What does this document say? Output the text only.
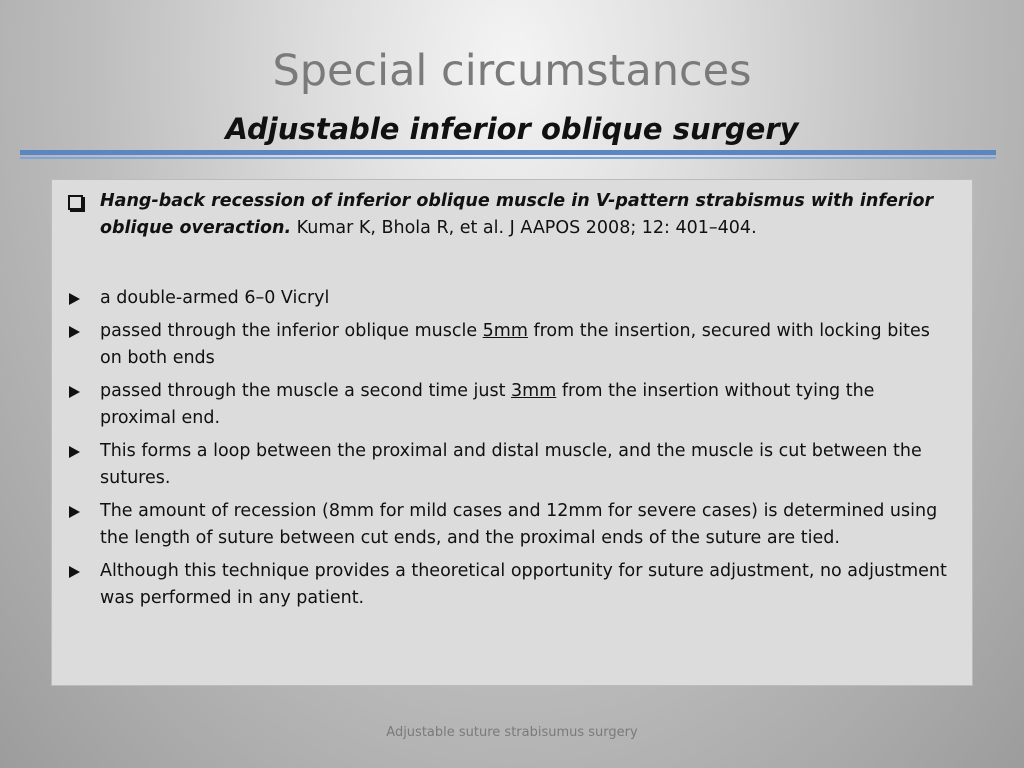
Special circumstances
Adjustable inferior oblique surgery
Hang-back recession of inferior oblique muscle in V-pattern strabismus with inferior oblique overaction. Kumar K, Bhola R, et al. J AAPOS 2008; 12: 401–404.
a double-armed 6–0 Vicryl
passed through the inferior oblique muscle 5mm from the insertion, secured with locking bites on both ends
passed through the muscle a second time just 3mm from the insertion without tying the proximal end.
This forms a loop between the proximal and distal muscle, and the muscle is cut between the sutures.
The amount of recession (8mm for mild cases and 12mm for severe cases) is determined using the length of suture between cut ends, and the proximal ends of the suture are tied.
Although this technique provides a theoretical opportunity for suture adjustment, no adjustment was performed in any patient.
Adjustable suture strabisumus surgery
